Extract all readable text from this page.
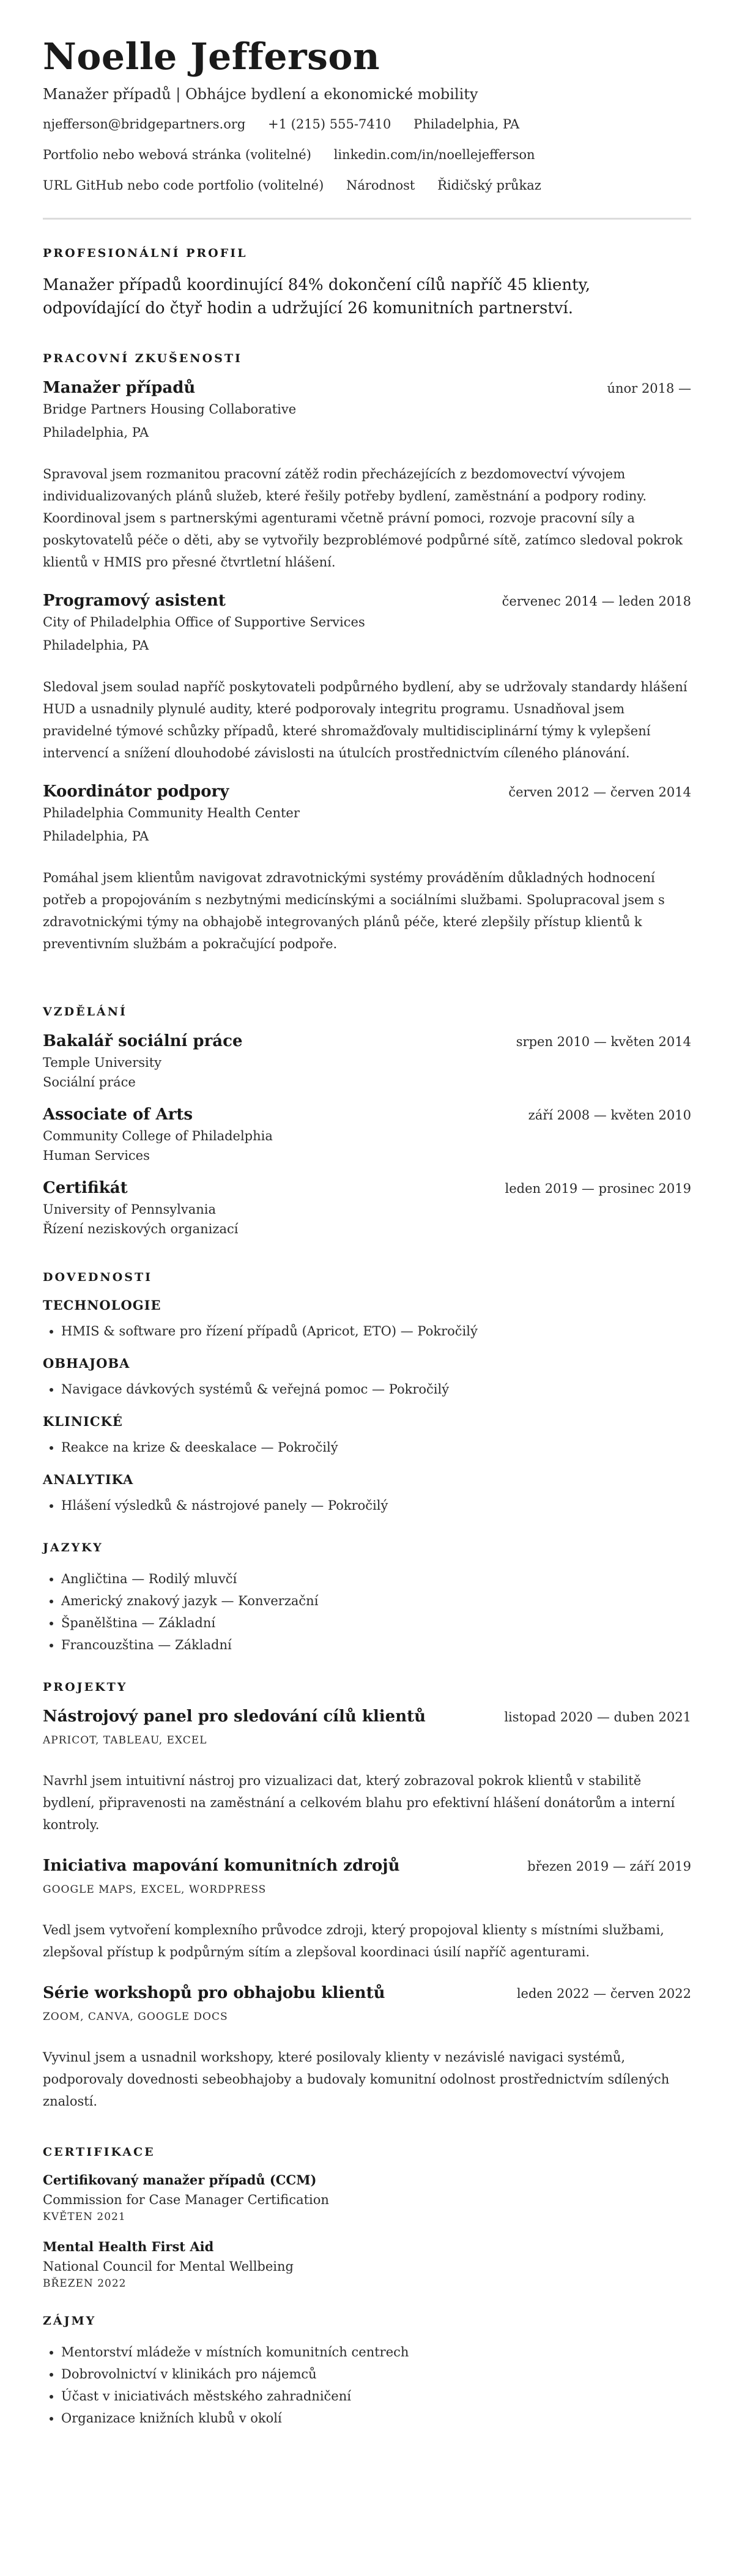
Noelle Jefferson
Manažer případů | Obhájce bydlení a ekonomické mobility
njefferson@bridgepartners.org +1 (215) 555-7410 Philadelphia, PA
Portfolio nebo webová stránka (volitelné) linkedin.com/in/noellejefferson
URL GitHub nebo code portfolio (volitelné) Národnost Řidičský průkaz
PROFESIONÁLNÍ PROFIL

Manažer případů koordinující 84% dokončení cílů napříč 45 klienty, odpovídající do čtyř hodin a udržující 26 komunitních partnerství.

PRACOVNÍ ZKUŠENOSTI
Manažer případů	únor 2018 —
Bridge Partners Housing Collaborative
Philadelphia, PA
Spravoval jsem rozmanitou pracovní zátěž rodin přecházejících z bezdomovectví vývojem individualizovaných plánů služeb, které řešily potřeby bydlení, zaměstnání a podpory rodiny. Koordinoval jsem s partnerskými agenturami včetně právní pomoci, rozvoje pracovní síly a poskytovatelů péče o děti, aby se vytvořily bezproblémové podpůrné sítě, zatímco sledoval pokrok klientů v HMIS pro přesné čtvrtletní hlášení.
Programový asistent	červenec 2014 — leden 2018
City of Philadelphia Office of Supportive Services
Philadelphia, PA
Sledoval jsem soulad napříč poskytovateli podpůrného bydlení, aby se udržovaly standardy hlášení HUD a usnadnily plynulé audity, které podporovaly integritu programu. Usnadňoval jsem pravidelné týmové schůzky případů, které shromažďovaly multidisciplinární týmy k vylepšení intervencí a snížení dlouhodobé závislosti na útulcích prostřednictvím cíleného plánování.
Koordinátor podpory	červen 2012 — červen 2014
Philadelphia Community Health Center
Philadelphia, PA
Pomáhal jsem klientům navigovat zdravotnickými systémy prováděním důkladných hodnocení potřeb a propojováním s nezbytnými medicínskými a sociálními službami. Spolupracoval jsem s zdravotnickými týmy na obhajobě integrovaných plánů péče, které zlepšily přístup klientů k preventivním službám a pokračující podpoře.
VZDĚLÁNÍ
Bakalář sociální práce	srpen 2010 — květen 2014
Temple University
Sociální práce
Associate of Arts	září 2008 — květen 2010
Community College of Philadelphia
Human Services
Certifikát	leden 2019 — prosinec 2019
University of Pennsylvania
Řízení neziskových organizací
DOVEDNOSTI
TECHNOLOGIE
• HMIS & software pro řízení případů (Apricot, ETO) — Pokročilý
OBHAJOBA
• Navigace dávkových systémů & veřejná pomoc — Pokročilý
KLINICKÉ
• Reakce na krize & deeskalace — Pokročilý
ANALYTIKA
• Hlášení výsledků & nástrojové panely — Pokročilý
JAZYKY
• Angličtina — Rodilý mluvčí
• Americký znakový jazyk — Konverzační
• Španělština — Základní
• Francouzština — Základní
PROJEKTY
Nástrojový panel pro sledování cílů klientů	listopad 2020 — duben 2021
APRICOT, TABLEAU, EXCEL
Navrhl jsem intuitivní nástroj pro vizualizaci dat, který zobrazoval pokrok klientů v stabilitě bydlení, připravenosti na zaměstnání a celkovém blahu pro efektivní hlášení donátorům a interní kontroly.
Iniciativa mapování komunitních zdrojů	březen 2019 — září 2019
GOOGLE MAPS, EXCEL, WORDPRESS
Vedl jsem vytvoření komplexního průvodce zdroji, který propojoval klienty s místními službami, zlepšoval přístup k podpůrným sítím a zlepšoval koordinaci úsilí napříč agenturami.
Série workshopů pro obhajobu klientů	leden 2022 — červen 2022
ZOOM, CANVA, GOOGLE DOCS
Vyvinul jsem a usnadnil workshopy, které posilovaly klienty v nezávislé navigaci systémů, podporovaly dovednosti sebeobhajoby a budovaly komunitní odolnost prostřednictvím sdílených znalostí.
CERTIFIKACE
Certifikovaný manažer případů (CCM)
Commission for Case Manager Certification
KVĚTEN 2021
Mental Health First Aid
National Council for Mental Wellbeing
BŘEZEN 2022
ZÁJMY
• Mentorství mládeže v místních komunitních centrech
• Dobrovolnictví v klinikách pro nájemců
• Účast v iniciativách městského zahradničení
• Organizace knižních klubů v okolí
